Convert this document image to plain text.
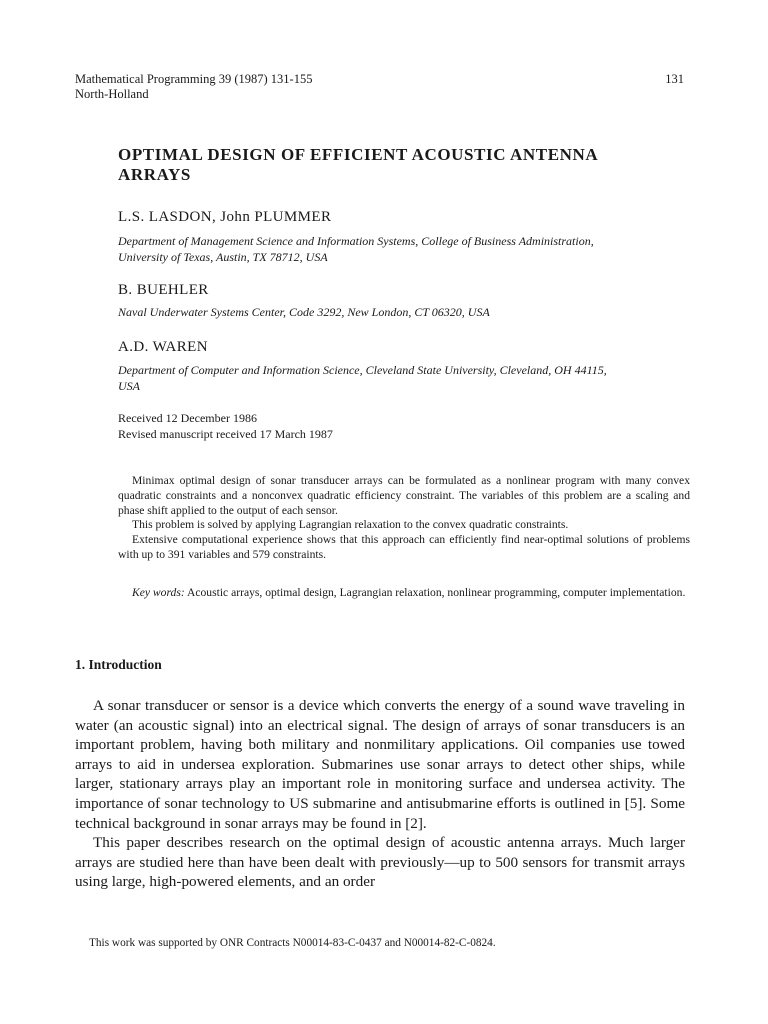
Mathematical Programming 39 (1987) 131-155
North-Holland
131
OPTIMAL DESIGN OF EFFICIENT ACOUSTIC ANTENNA
ARRAYS
L.S. LASDON, John PLUMMER
Department of Management Science and Information Systems, College of Business Administration,
University of Texas, Austin, TX 78712, USA
B. BUEHLER
Naval Underwater Systems Center, Code 3292, New London, CT 06320, USA
A.D. WAREN
Department of Computer and Information Science, Cleveland State University, Cleveland, OH 44115,
USA
Received 12 December 1986
Revised manuscript received 17 March 1987

Minimax optimal design of sonar transducer arrays can be formulated as a nonlinear program with many convex quadratic constraints and a nonconvex quadratic efficiency constraint. The variables of this problem are a scaling and phase shift applied to the output of each sensor.

This problem is solved by applying Lagrangian relaxation to the convex quadratic constraints.

Extensive computational experience shows that this approach can efficiently find near-optimal solutions of problems with up to 391 variables and 579 constraints.

Key words: Acoustic arrays, optimal design, Lagrangian relaxation, nonlinear programming, computer implementation.
1. Introduction

A sonar transducer or sensor is a device which converts the energy of a sound wave traveling in water (an acoustic signal) into an electrical signal. The design of arrays of sonar transducers is an important problem, having both military and nonmilitary applications. Oil companies use towed arrays to aid in undersea exploration. Submarines use sonar arrays to detect other ships, while larger, stationary arrays play an important role in monitoring surface and undersea activity. The importance of sonar technology to US submarine and antisubmarine efforts is outlined in [5]. Some technical background in sonar arrays may be found in [2].

This paper describes research on the optimal design of acoustic antenna arrays. Much larger arrays are studied here than have been dealt with previously—up to 500 sensors for transmit arrays using large, high-powered elements, and an order

This work was supported by ONR Contracts N00014-83-C-0437 and N00014-82-C-0824.
